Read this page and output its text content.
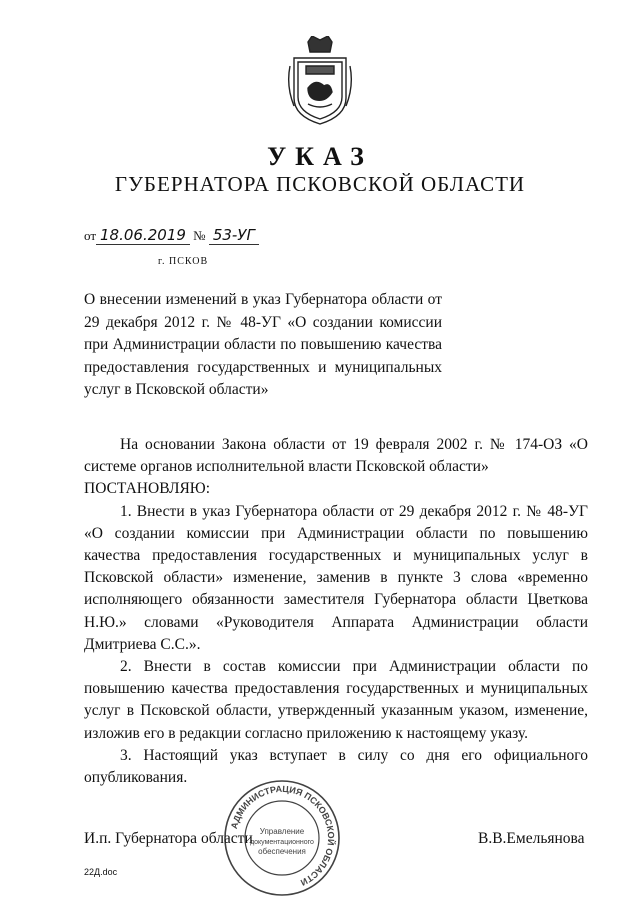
УКАЗ
ГУБЕРНАТОРА ПСКОВСКОЙ ОБЛАСТИ
от 18.06.2019 № 53-УГ
г. ПСКОВ
О внесении изменений в указ Губернатора области от 29 декабря 2012 г. № 48-УГ «О создании комиссии при Администрации области по повышению качества предоставления государственных и муниципальных услуг в Псковской области»

На основании Закона области от 19 февраля 2002 г. № 174-ОЗ «О системе органов исполнительной власти Псковской области»

ПОСТАНОВЛЯЮ:

1. Внести в указ Губернатора области от 29 декабря 2012 г. № 48-УГ «О создании комиссии при Администрации области по повышению качества предоставления государственных и муниципальных услуг в Псковской области» изменение, заменив в пункте 3 слова «временно исполняющего обязанности заместителя Губернатора области Цветкова Н.Ю.» словами «Руководителя Аппарата Администрации области Дмитриева С.С.».

2. Внести в состав комиссии при Администрации области по повышению качества предоставления государственных и муниципальных услуг в Псковской области, утвержденный указанным указом, изменение, изложив его в редакции согласно приложению к настоящему указу.

3. Настоящий указ вступает в силу со дня его официального опубликования.

И.п. Губернатора области	В.В.Емельянова
АДМИНИСТРАЦИЯ ПСКОВСКОЙ ОБЛАСТИ
Управление
документационного
обеспечения
22Д.doc
